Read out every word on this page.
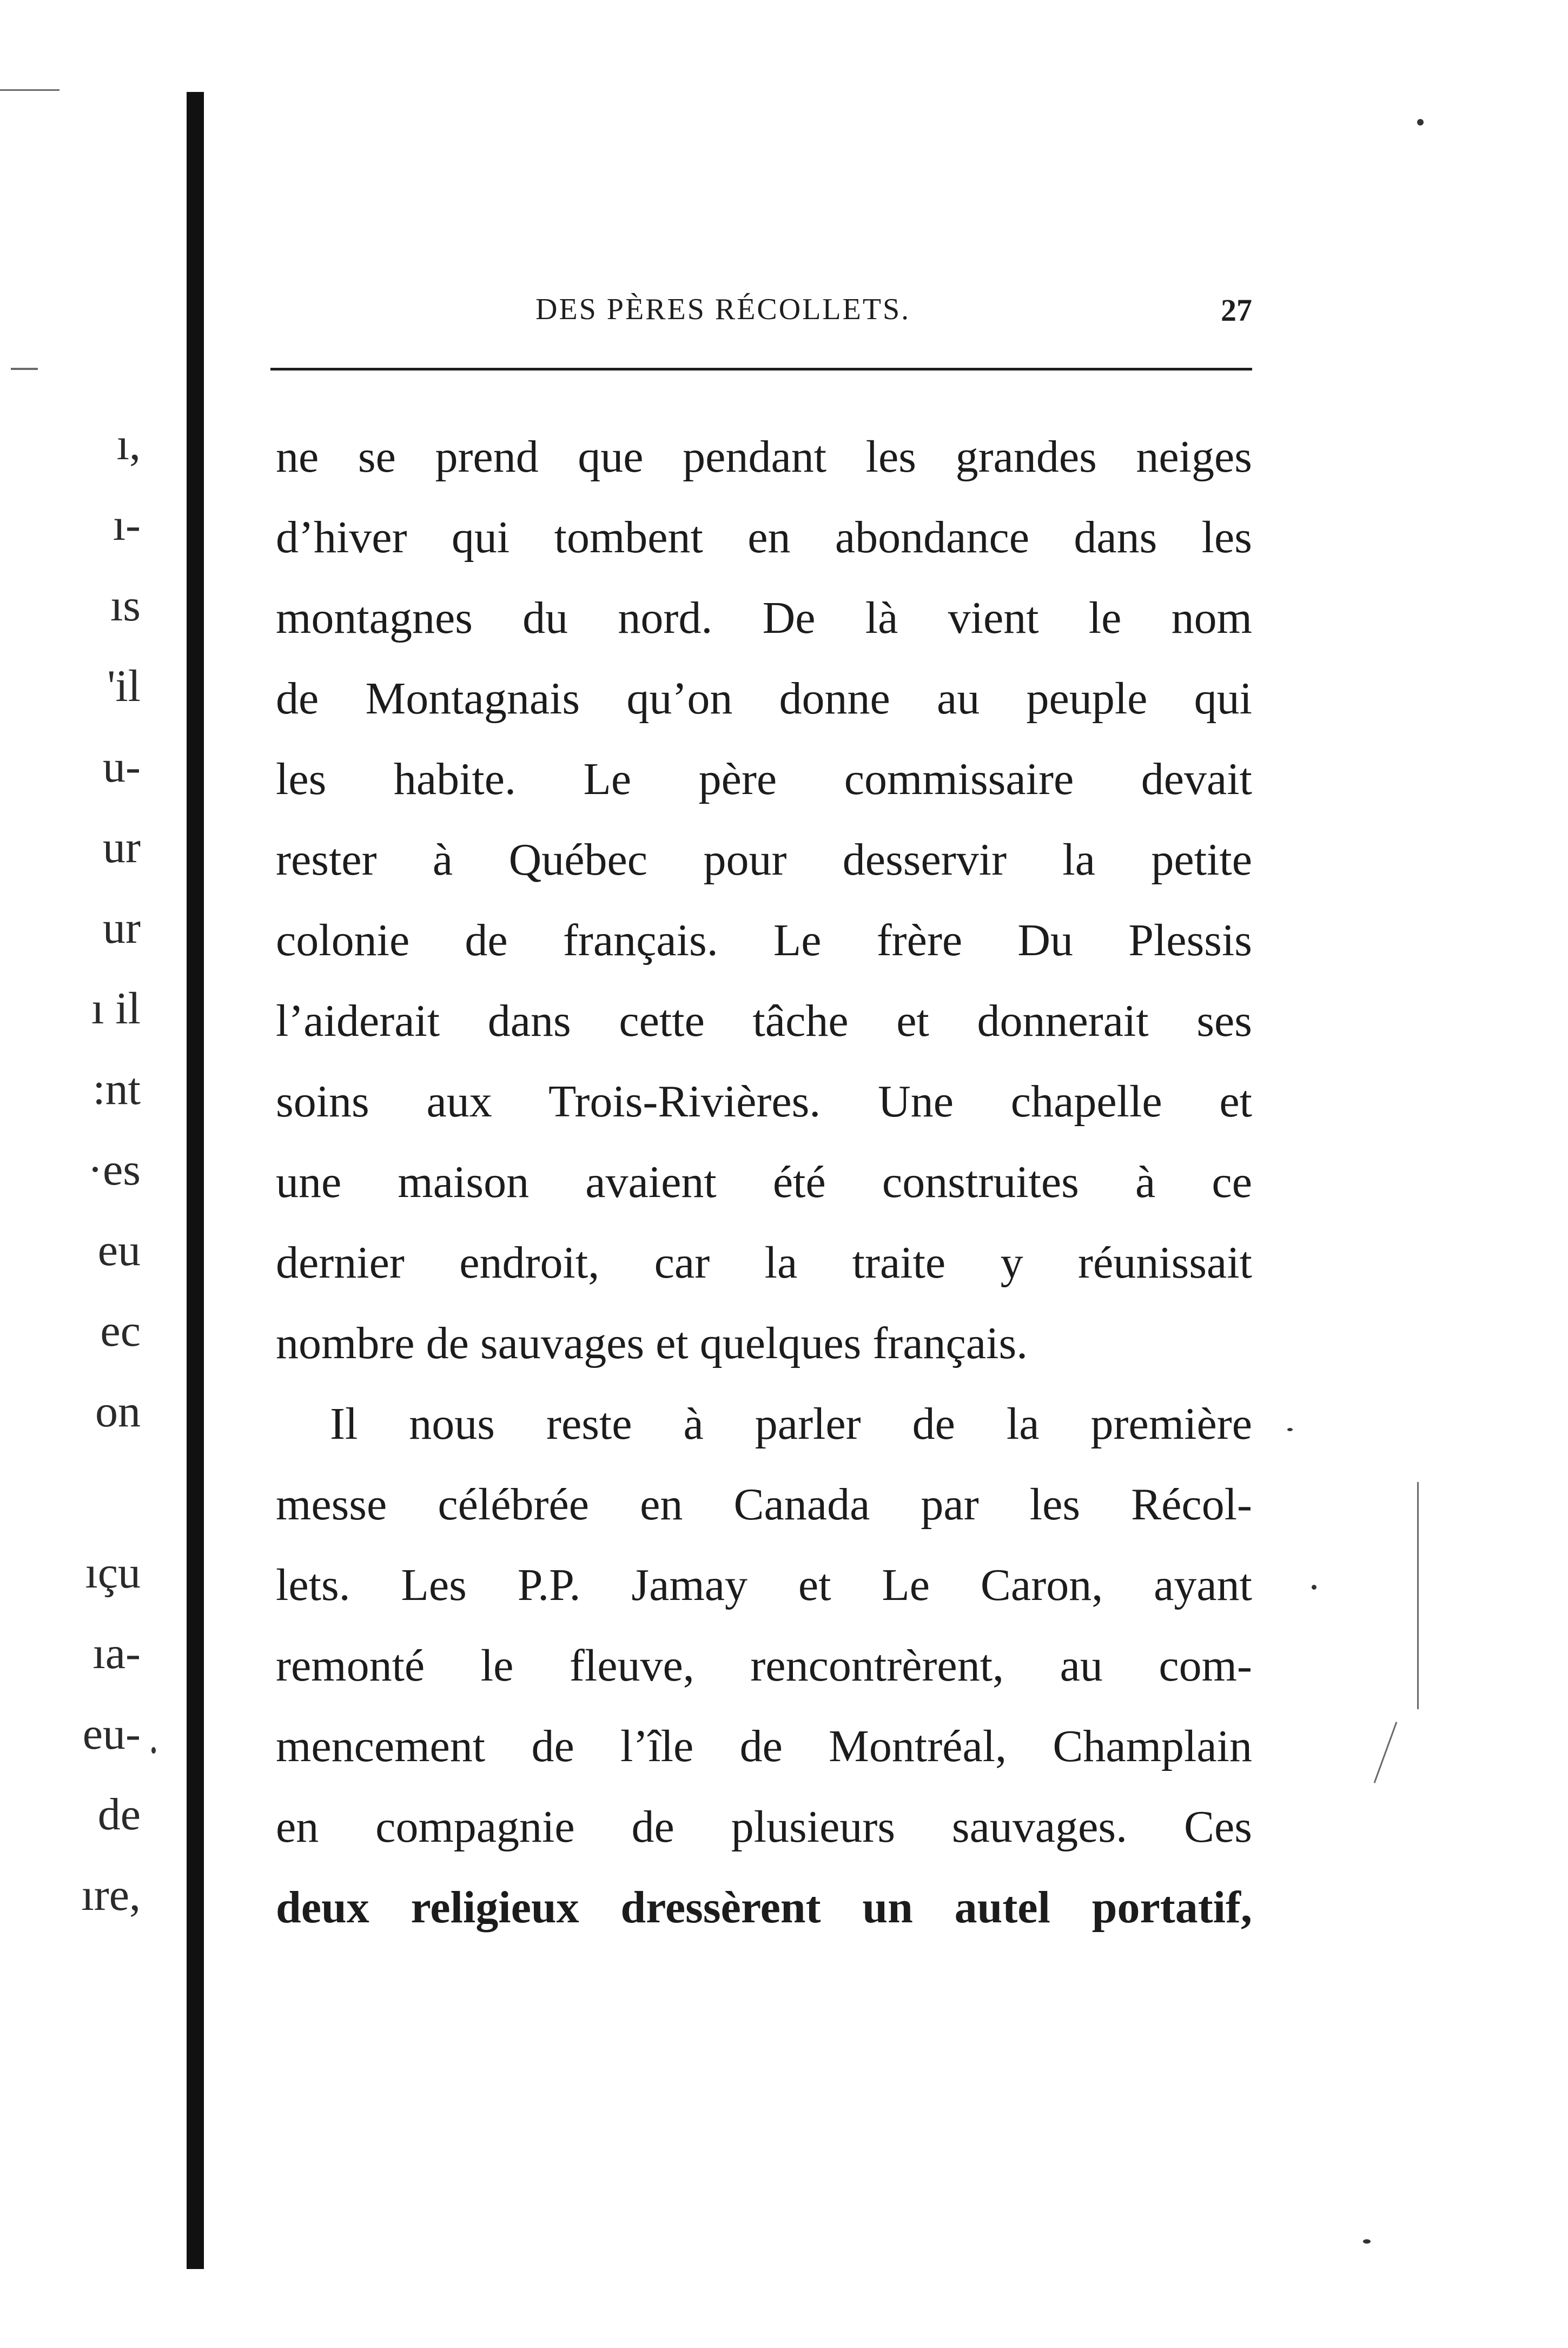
ı,
ı-
ıs
'il
u-
ur
ur
ı il
:nt
·es
eu
ec
on
ıçu
ıa-
eu-
de
ıre,
DES PÈRES RÉCOLLETS.	27
ne se prend que pendant les grandes neiges
d’hiver qui tombent en abondance dans les
montagnes du nord. De là vient le nom
de Montagnais qu’on donne au peuple qui
les habite. Le père commissaire devait
rester à Québec pour desservir la petite
colonie de français. Le frère Du Plessis
l’aiderait dans cette tâche et donnerait ses
soins aux Trois-Rivières. Une chapelle et
une maison avaient été construites à ce
dernier endroit, car la traite y réunissait
nombre de sauvages et quelques français.
Il nous reste à parler de la première
messe célébrée en Canada par les Récol-
lets. Les P.P. Jamay et Le Caron, ayant
remonté le fleuve, rencontrèrent, au com-
mencement de l’île de Montréal, Champlain
en compagnie de plusieurs sauvages. Ces
deux religieux dressèrent un autel portatif,
